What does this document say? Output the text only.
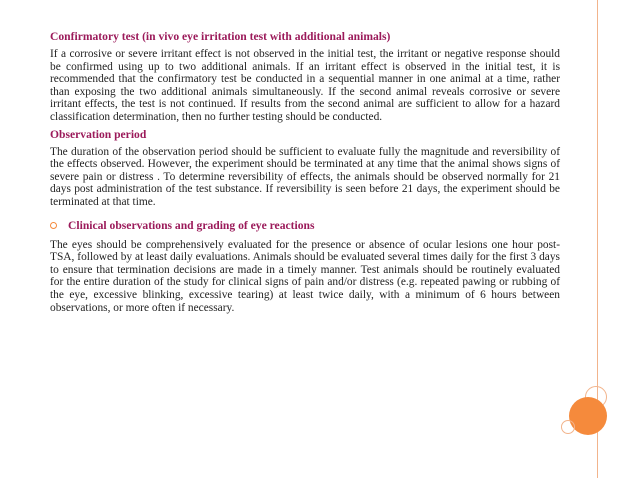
Confirmatory test (in vivo eye irritation test with additional animals)

If a corrosive or severe irritant effect is not observed in the initial test, the irritant or negative response should be confirmed using up to two additional animals. If an irritant effect is observed in the initial test, it is recommended that the confirmatory test be conducted in a sequential manner in one animal at a time, rather than exposing the two additional animals simultaneously. If the second animal reveals corrosive or severe irritant effects, the test is not continued. If results from the second animal are sufficient to allow for a hazard classification determination, then no further testing should be conducted.

Observation period

The duration of the observation period should be sufficient to evaluate fully the magnitude and reversibility of the effects observed. However, the experiment should be terminated at any time that the animal shows signs of severe pain or distress . To determine reversibility of effects, the animals should be observed normally for 21 days post administration of the test substance. If reversibility is seen before 21 days, the experiment should be terminated at that time.

Clinical observations and grading of eye reactions

The eyes should be comprehensively evaluated for the presence or absence of ocular lesions one hour post-TSA, followed by at least daily evaluations. Animals should be evaluated several times daily for the first 3 days to ensure that termination decisions are made in a timely manner. Test animals should be routinely evaluated for the entire duration of the study for clinical signs of pain and/or distress (e.g. repeated pawing or rubbing of the eye, excessive blinking, excessive tearing) at least twice daily, with a minimum of 6 hours between observations, or more often if necessary.
